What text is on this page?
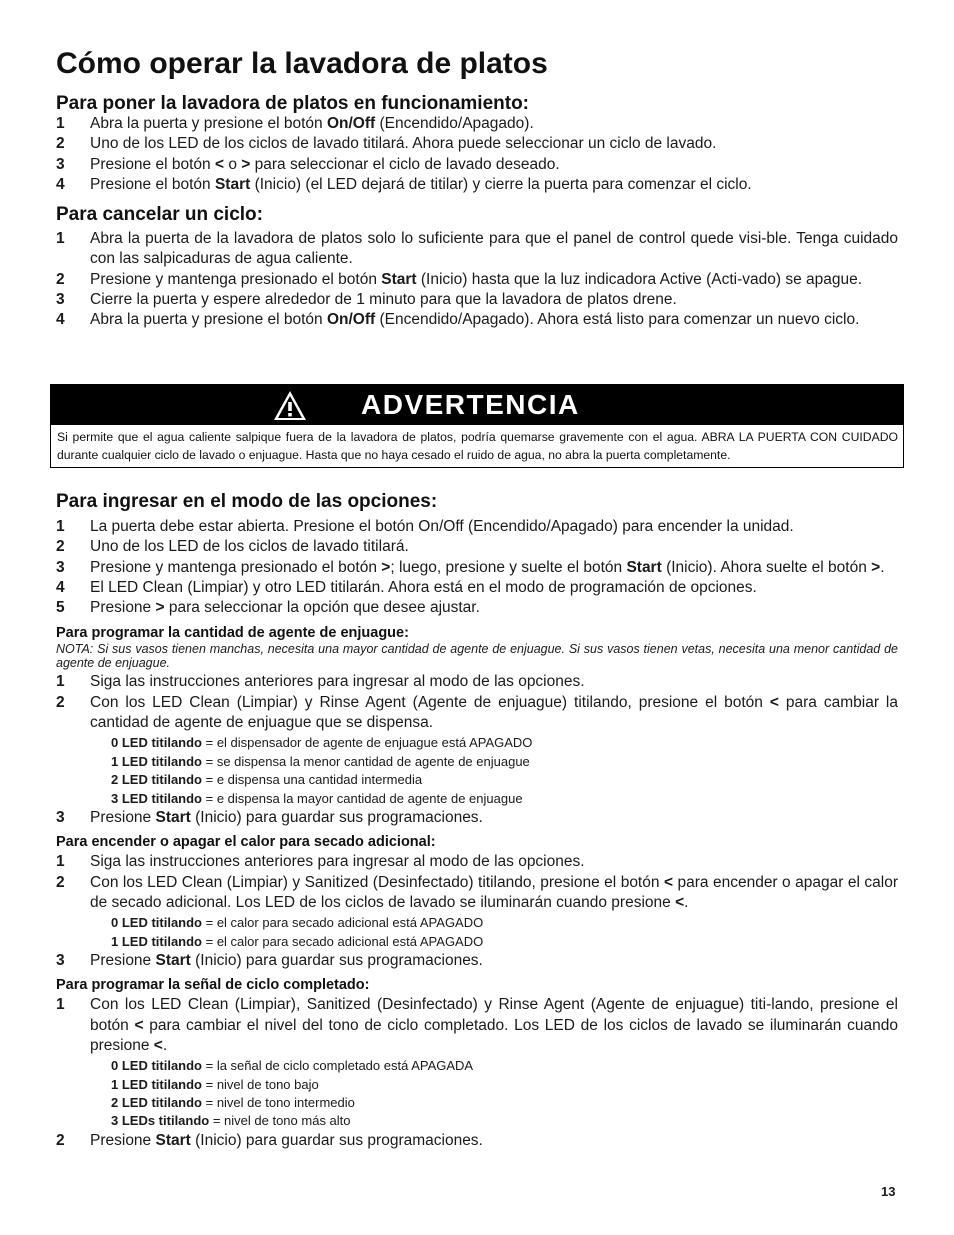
Cómo operar la lavadora de platos
Para poner la lavadora de platos en funcionamiento:
1	Abra la puerta y presione el botón On/Off (Encendido/Apagado).
2	Uno de los LED de los ciclos de lavado titilará. Ahora puede seleccionar un ciclo de lavado.
3	Presione el botón < o > para seleccionar el ciclo de lavado deseado.
4	Presione el botón Start (Inicio) (el LED dejará de titilar) y cierre la puerta para comenzar el ciclo.
Para cancelar un ciclo:
1	Abra la puerta de la lavadora de platos solo lo suficiente para que el panel de control quede visi-ble. Tenga cuidado con las salpicaduras de agua caliente.
2	Presione y mantenga presionado el botón Start (Inicio) hasta que la luz indicadora Active (Acti-vado) se apague.
3	Cierre la puerta y espere alrededor de 1 minuto para que la lavadora de platos drene.
4	Abra la puerta y presione el botón On/Off (Encendido/Apagado). Ahora está listo para comenzar un nuevo ciclo.
ADVERTENCIA
Si permite que el agua caliente salpique fuera de la lavadora de platos, podría quemarse gravemente con el agua. ABRA LA PUERTA CON CUIDADO durante cualquier ciclo de lavado o enjuague. Hasta que no haya cesado el ruido de agua, no abra la puerta completamente.
Para ingresar en el modo de las opciones:
1	La puerta debe estar abierta. Presione el botón On/Off (Encendido/Apagado) para encender la unidad.
2	Uno de los LED de los ciclos de lavado titilará.
3	Presione y mantenga presionado el botón >; luego, presione y suelte el botón Start (Inicio). Ahora suelte el botón >.
4	El LED Clean (Limpiar) y otro LED titilarán. Ahora está en el modo de programación de opciones.
5	Presione > para seleccionar la opción que desee ajustar.
Para programar la cantidad de agente de enjuague:
NOTA: Si sus vasos tienen manchas, necesita una mayor cantidad de agente de enjuague. Si sus vasos tienen vetas, necesita una menor cantidad de agente de enjuague.
1	Siga las instrucciones anteriores para ingresar al modo de las opciones.
2	Con los LED Clean (Limpiar) y Rinse Agent (Agente de enjuague) titilando, presione el botón < para cambiar la cantidad de agente de enjuague que se dispensa.
0 LED titilando = el dispensador de agente de enjuague está APAGADO
1 LED titilando = se dispensa la menor cantidad de agente de enjuague
2 LED titilando = e dispensa una cantidad intermedia
3 LED titilando = e dispensa la mayor cantidad de agente de enjuague
3	Presione Start (Inicio) para guardar sus programaciones.
Para encender o apagar el calor para secado adicional:
1	Siga las instrucciones anteriores para ingresar al modo de las opciones.
2	Con los LED Clean (Limpiar) y Sanitized (Desinfectado) titilando, presione el botón < para encender o apagar el calor de secado adicional. Los LED de los ciclos de lavado se iluminarán cuando presione <.
0 LED titilando = el calor para secado adicional está APAGADO
1 LED titilando = el calor para secado adicional está APAGADO
3	Presione Start (Inicio) para guardar sus programaciones.
Para programar la señal de ciclo completado:
1	Con los LED Clean (Limpiar), Sanitized (Desinfectado) y Rinse Agent (Agente de enjuague) titi-lando, presione el botón < para cambiar el nivel del tono de ciclo completado. Los LED de los ciclos de lavado se iluminarán cuando presione <.
0 LED titilando = la señal de ciclo completado está APAGADA
1 LED titilando = nivel de tono bajo
2 LED titilando = nivel de tono intermedio
3 LEDs titilando = nivel de tono más alto
2	Presione Start (Inicio) para guardar sus programaciones.
13
